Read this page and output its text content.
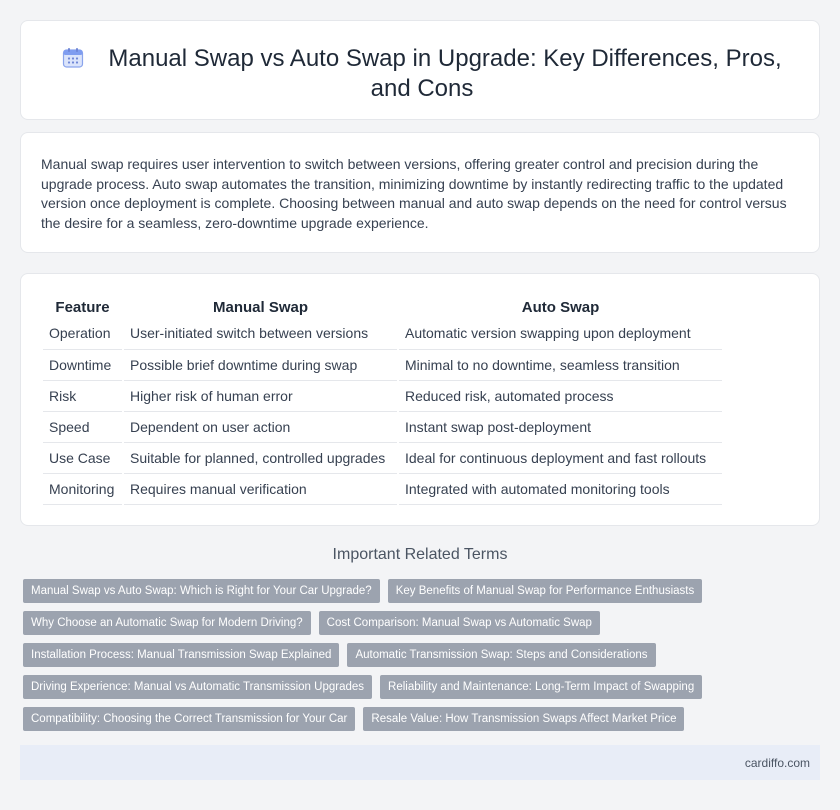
Manual Swap vs Auto Swap in Upgrade: Key Differences, Pros, and Cons

Manual swap requires user intervention to switch between versions, offering greater control and precision during the upgrade process. Auto swap automates the transition, minimizing downtime by instantly redirecting traffic to the updated version once deployment is complete. Choosing between manual and auto swap depends on the need for control versus the desire for a seamless, zero-downtime upgrade experience.

Feature	Manual Swap	Auto Swap
Operation	User-initiated switch between versions	Automatic version swapping upon deployment
Downtime	Possible brief downtime during swap	Minimal to no downtime, seamless transition
Risk	Higher risk of human error	Reduced risk, automated process
Speed	Dependent on user action	Instant swap post-deployment
Use Case	Suitable for planned, controlled upgrades	Ideal for continuous deployment and fast rollouts
Monitoring	Requires manual verification	Integrated with automated monitoring tools
Important Related Terms
Manual Swap vs Auto Swap: Which is Right for Your Car Upgrade?	Key Benefits of Manual Swap for Performance Enthusiasts
Why Choose an Automatic Swap for Modern Driving?	Cost Comparison: Manual Swap vs Automatic Swap
Installation Process: Manual Transmission Swap Explained	Automatic Transmission Swap: Steps and Considerations
Driving Experience: Manual vs Automatic Transmission Upgrades	Reliability and Maintenance: Long-Term Impact of Swapping
Compatibility: Choosing the Correct Transmission for Your Car	Resale Value: How Transmission Swaps Affect Market Price
cardiffo.com
